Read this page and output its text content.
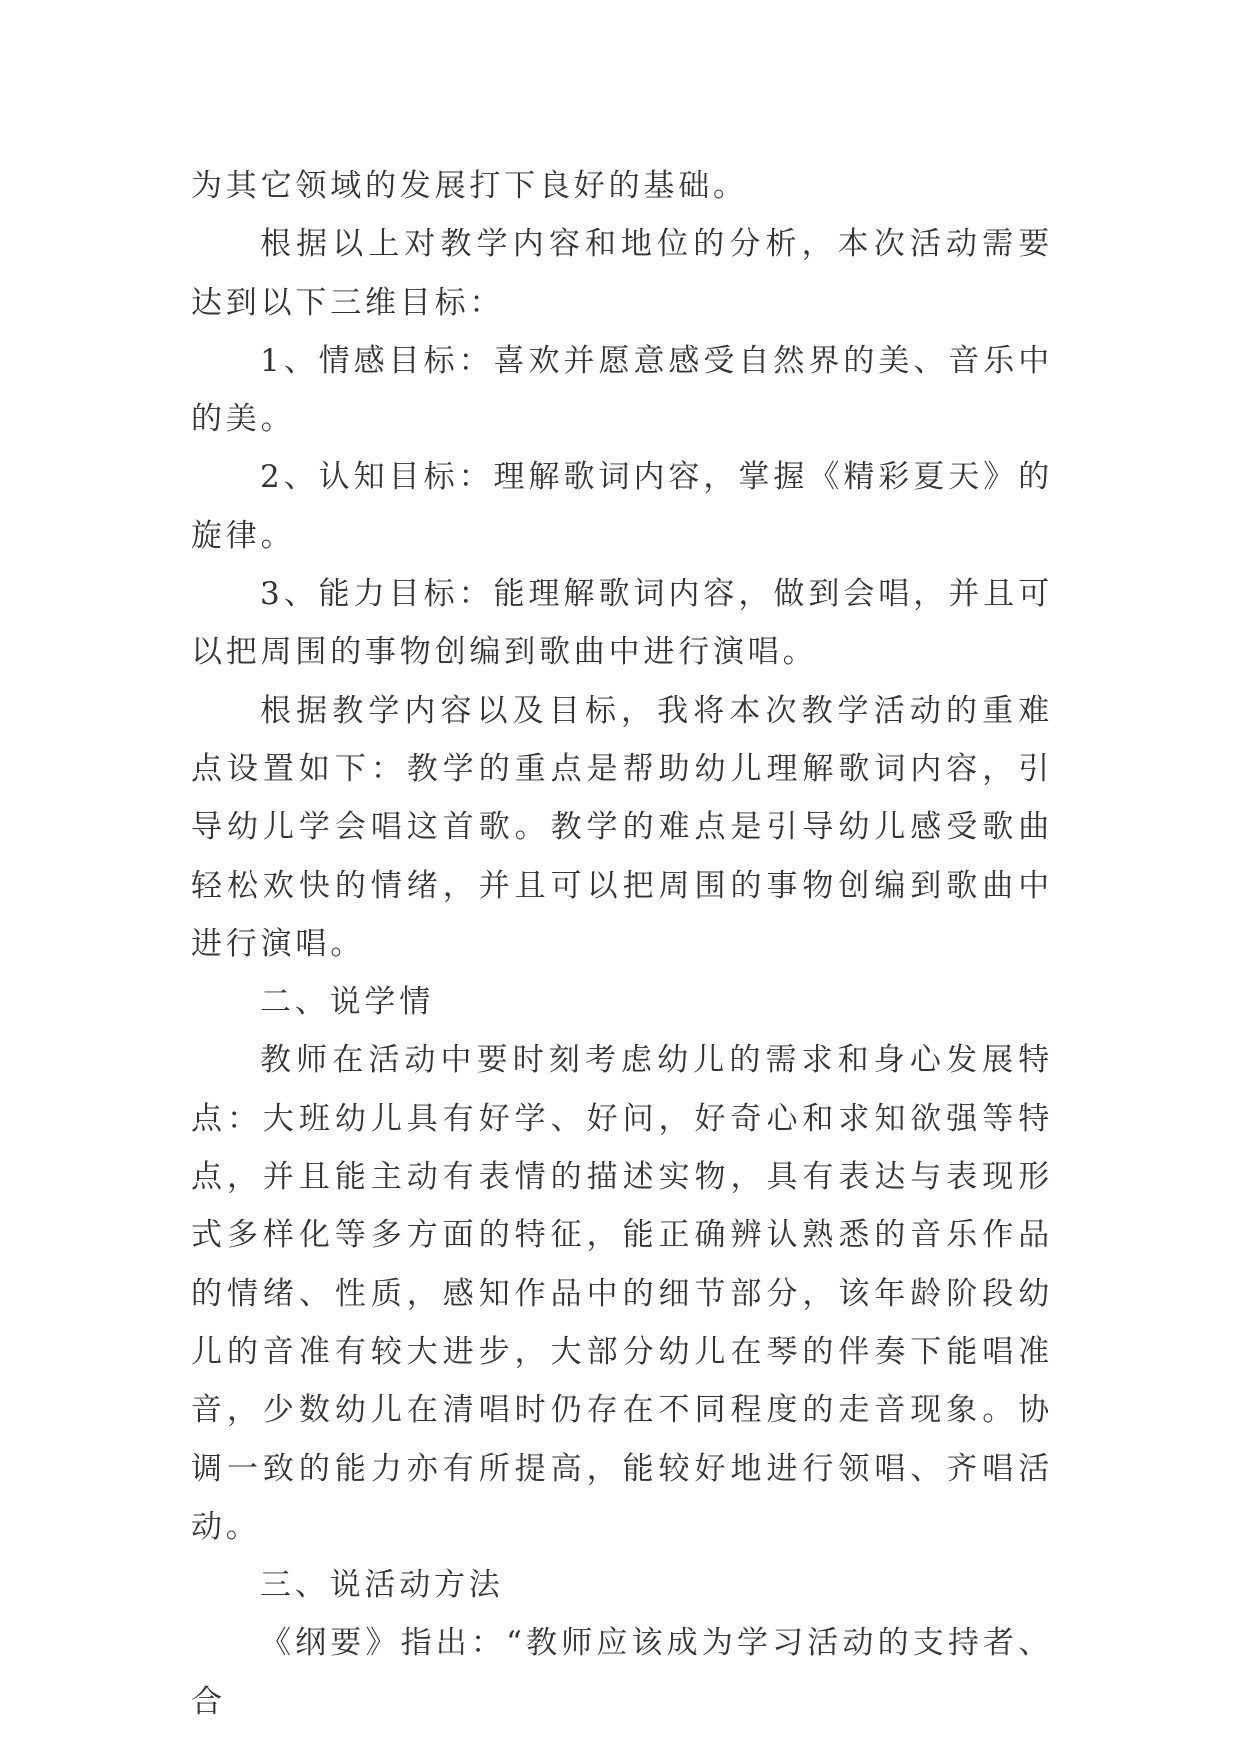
为其它领域的发展打下良好的基础。

根据以上对教学内容和地位的分析，本次活动需要达到以下三维目标：

1、情感目标：喜欢并愿意感受自然界的美、音乐中的美。

2、认知目标：理解歌词内容，掌握《精彩夏天》的旋律。

3、能力目标：能理解歌词内容，做到会唱，并且可以把周围的事物创编到歌曲中进行演唱。

根据教学内容以及目标，我将本次教学活动的重难点设置如下：教学的重点是帮助幼儿理解歌词内容，引导幼儿学会唱这首歌。教学的难点是引导幼儿感受歌曲轻松欢快的情绪，并且可以把周围的事物创编到歌曲中进行演唱。

二、说学情

教师在活动中要时刻考虑幼儿的需求和身心发展特点：大班幼儿具有好学、好问，好奇心和求知欲强等特点，并且能主动有表情的描述实物，具有表达与表现形式多样化等多方面的特征，能正确辨认熟悉的音乐作品的情绪、性质，感知作品中的细节部分，该年龄阶段幼儿的音准有较大进步，大部分幼儿在琴的伴奏下能唱准音，少数幼儿在清唱时仍存在不同程度的走音现象。协调一致的能力亦有所提高，能较好地进行领唱、齐唱活动。

三、说活动方法

《纲要》指出：“教师应该成为学习活动的支持者、合
